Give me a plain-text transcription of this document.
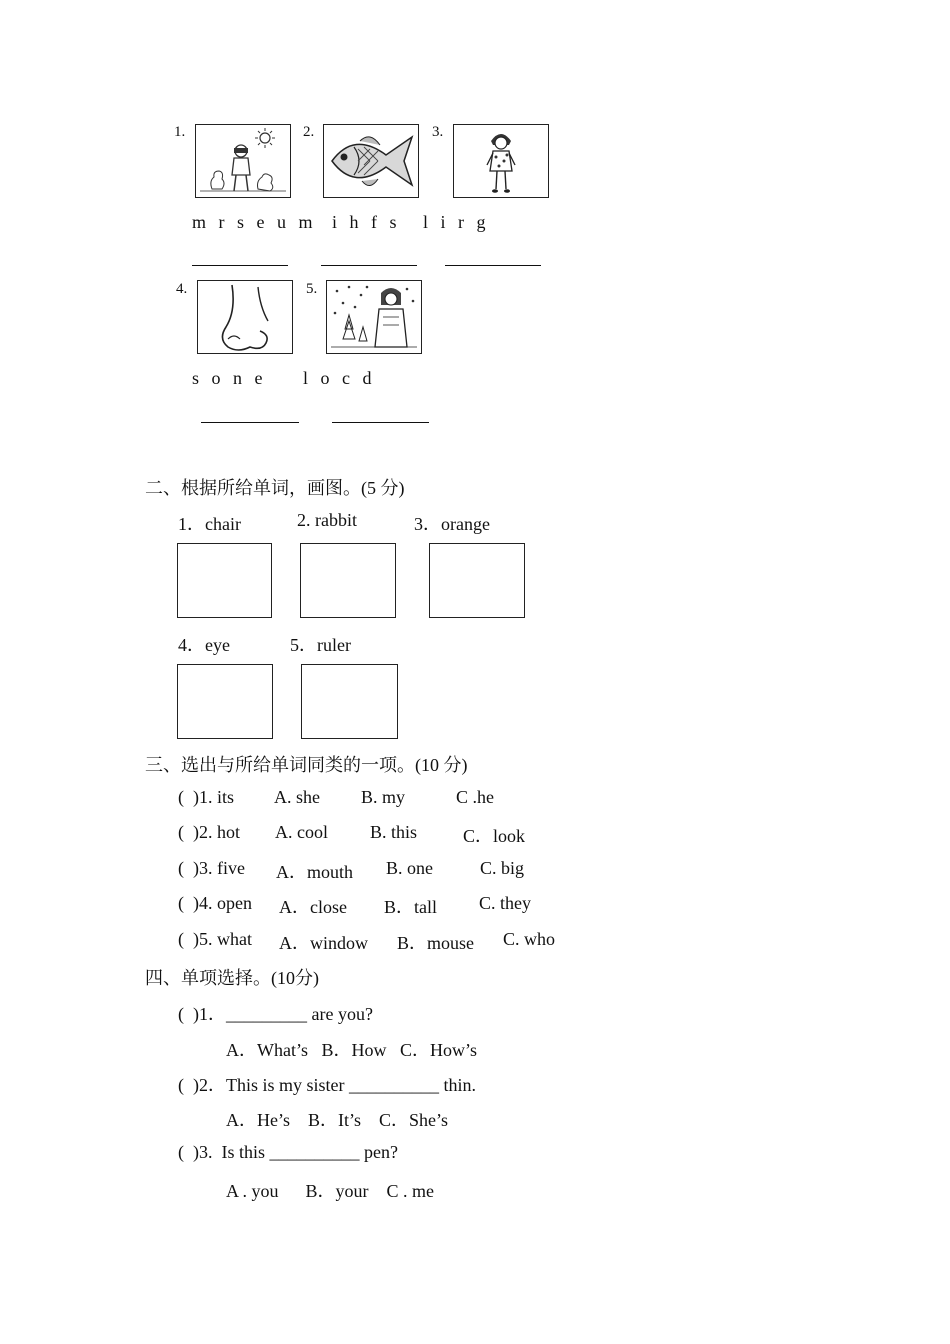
1.
m r s e u m
2.
i h f s
3.
l i r g
4.
s o n e
5.
l o c d
二、根据所给单词，画图。(5 分)
1．chair	2. rabbit	3．orange
4．eye	5．ruler
三、选出与所给单词同类的一项。(10 分)
(  )1. its A. she B. my	C .he
(  )2. hot A. cool B. this	C．look
(  )3. five A．mouth B. one	C. big
(  )4. open A．close B．tall C. they
(  )5. what A．window B．mouse C. who
四、单项选择。(10分)
(  )1．_________ are you?
A．What’s   B．How   C．How’s
(  )2．This is my sister __________ thin.
A．He’s    B．It’s    C．She’s
(  )3.  Is this __________ pen?
A . you      B．your    C . me
